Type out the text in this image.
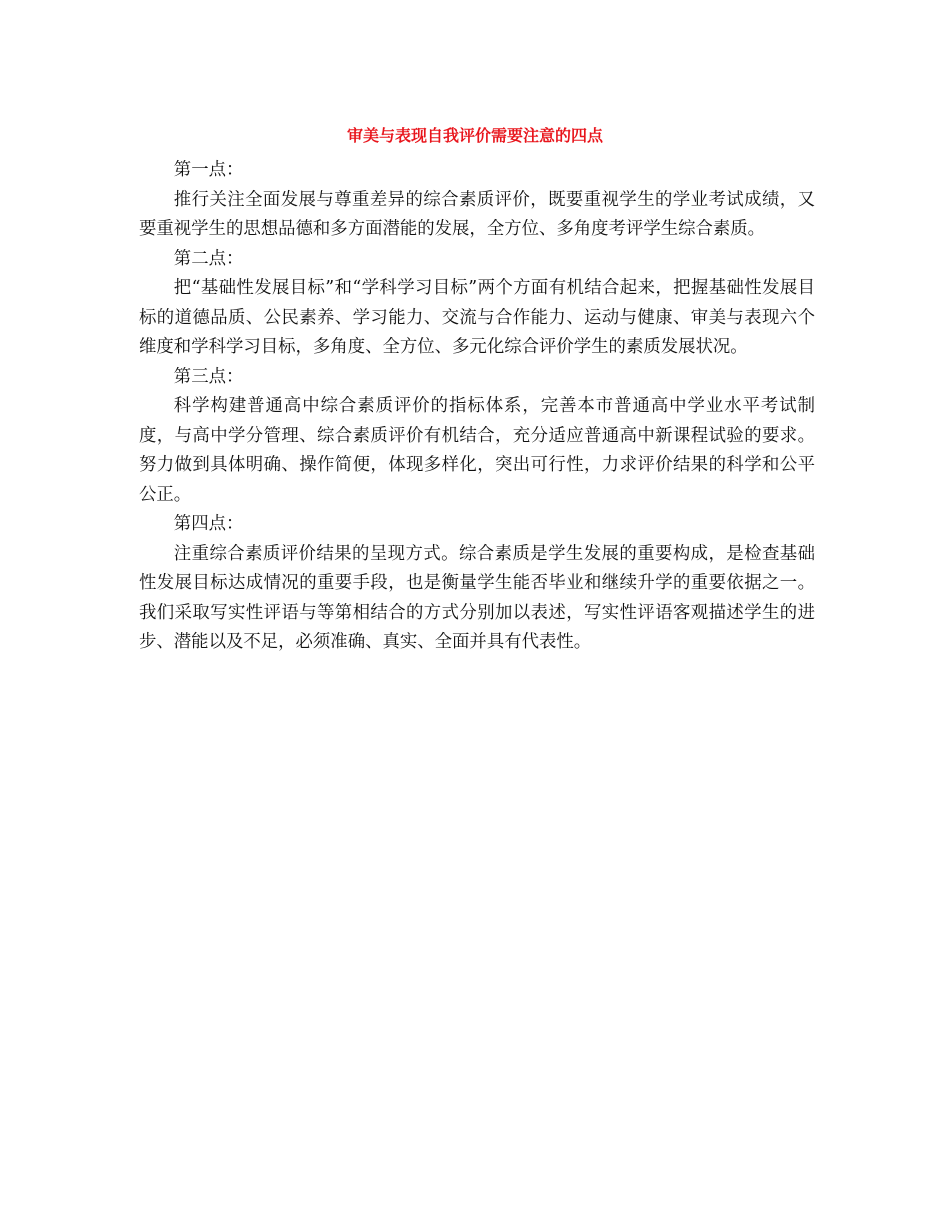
审美与表现自我评价需要注意的四点

第一点：

推行关注全面发展与尊重差异的综合素质评价，既要重视学生的学业考试成绩，又要重视学生的思想品德和多方面潜能的发展，全方位、多角度考评学生综合素质。

第二点：

把“基础性发展目标”和“学科学习目标”两个方面有机结合起来，把握基础性发展目标的道德品质、公民素养、学习能力、交流与合作能力、运动与健康、审美与表现六个维度和学科学习目标，多角度、全方位、多元化综合评价学生的素质发展状况。

第三点：

科学构建普通高中综合素质评价的指标体系，完善本市普通高中学业水平考试制度，与高中学分管理、综合素质评价有机结合，充分适应普通高中新课程试验的要求。努力做到具体明确、操作简便，体现多样化，突出可行性，力求评价结果的科学和公平公正。

第四点：

注重综合素质评价结果的呈现方式。综合素质是学生发展的重要构成，是检查基础性发展目标达成情况的重要手段，也是衡量学生能否毕业和继续升学的重要依据之一。我们采取写实性评语与等第相结合的方式分别加以表述，写实性评语客观描述学生的进步、潜能以及不足，必须准确、真实、全面并具有代表性。
